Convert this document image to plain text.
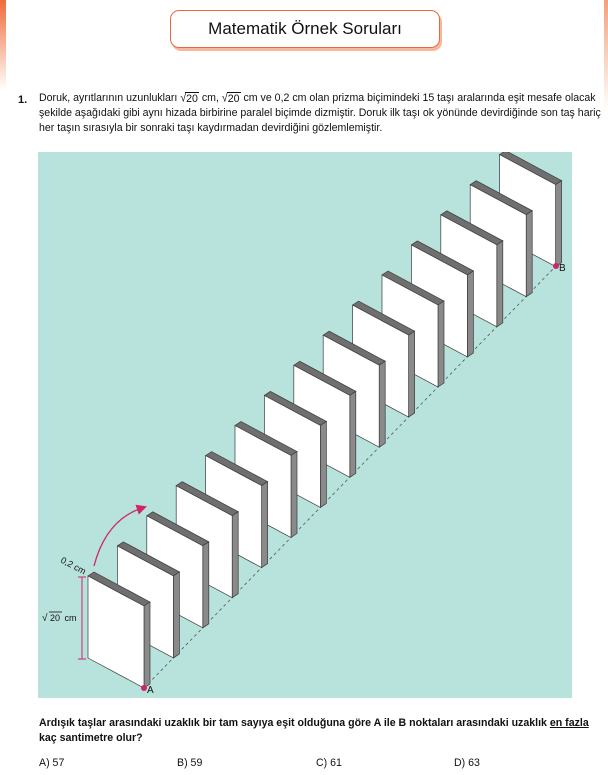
Matematik Örnek Soruları
1. Doruk, ayrıtlarının uzunlukları √ 20 cm, √ 20 cm ve 0,2 cm olan prizma biçimindeki 15 taşı aralarında eşit mesafe olacak şekilde aşağıdaki gibi aynı hizada birbirine paralel biçimde dizmiştir. Doruk ilk taşı ok yönünde devirdiğinde son taş hariç her taşın sırasıyla bir sonraki taşı kaydırmadan devirdiğini gözlemlemiştir.
A
B
0,2 cm
√ 20 cm
Ardışık taşlar arasındaki uzaklık bir tam sayıya eşit olduğuna göre A ile B noktaları arasındaki uzaklık en fazla kaç santimetre olur?
A) 57	B) 59	C) 61	D) 63
